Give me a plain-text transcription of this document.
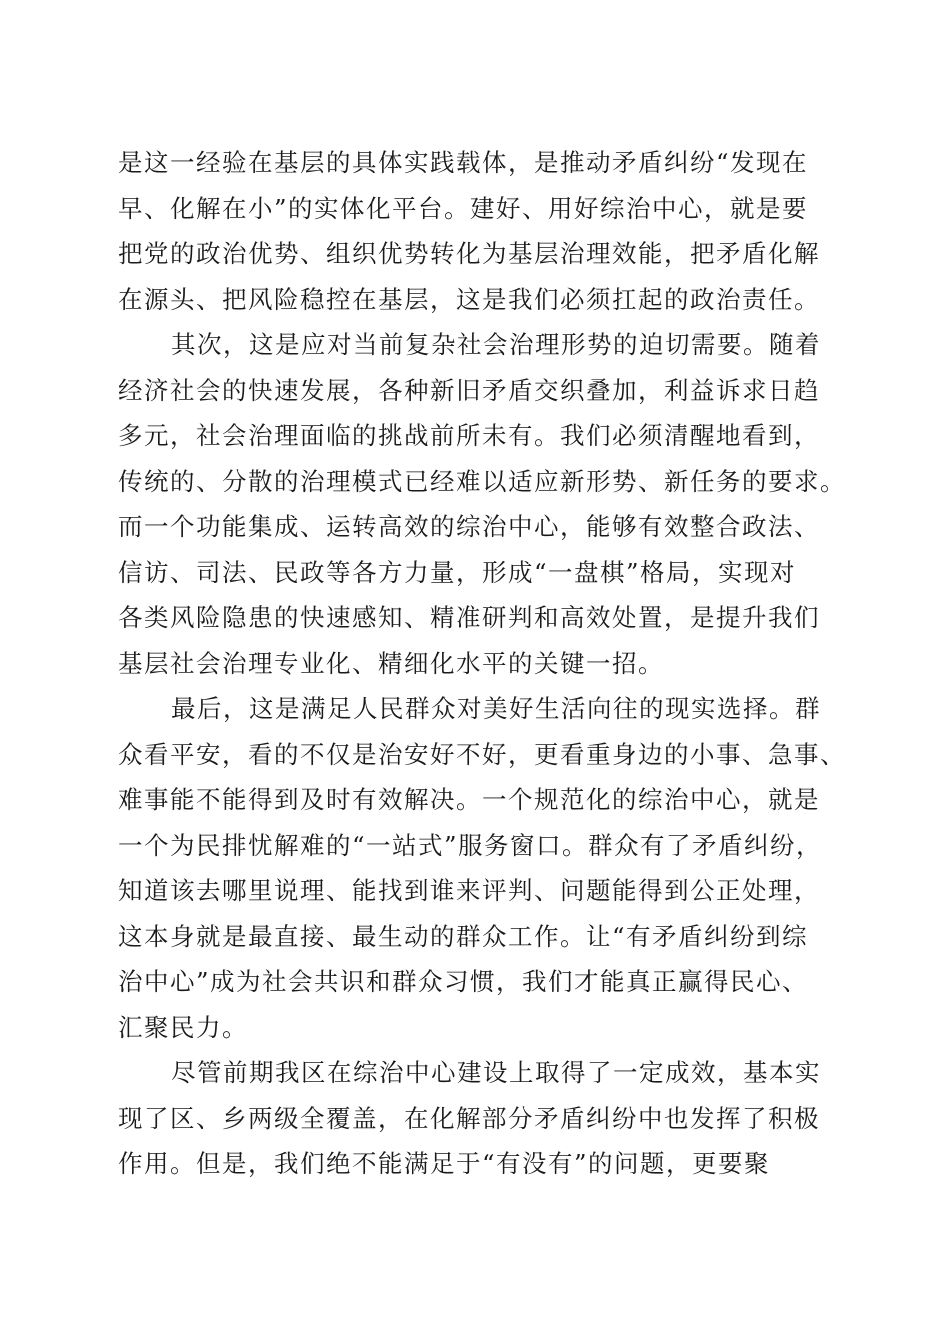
是这一经验在基层的具体实践载体，是推动矛盾纠纷“发现在
早、化解在小”的实体化平台。建好、用好综治中心，就是要
把党的政治优势、组织优势转化为基层治理效能，把矛盾化解
在源头、把风险稳控在基层，这是我们必须扛起的政治责任。
其次，这是应对当前复杂社会治理形势的迫切需要。随着
经济社会的快速发展，各种新旧矛盾交织叠加，利益诉求日趋
多元，社会治理面临的挑战前所未有。我们必须清醒地看到，
传统的、分散的治理模式已经难以适应新形势、新任务的要求。
而一个功能集成、运转高效的综治中心，能够有效整合政法、
信访、司法、民政等各方力量，形成“一盘棋”格局，实现对
各类风险隐患的快速感知、精准研判和高效处置，是提升我们
基层社会治理专业化、精细化水平的关键一招。
最后，这是满足人民群众对美好生活向往的现实选择。群
众看平安，看的不仅是治安好不好，更看重身边的小事、急事、
难事能不能得到及时有效解决。一个规范化的综治中心，就是
一个为民排忧解难的“一站式”服务窗口。群众有了矛盾纠纷，
知道该去哪里说理、能找到谁来评判、问题能得到公正处理，
这本身就是最直接、最生动的群众工作。让“有矛盾纠纷到综
治中心”成为社会共识和群众习惯，我们才能真正赢得民心、
汇聚民力。
尽管前期我区在综治中心建设上取得了一定成效，基本实
现了区、乡两级全覆盖，在化解部分矛盾纠纷中也发挥了积极
作用。但是，我们绝不能满足于“有没有”的问题，更要聚
